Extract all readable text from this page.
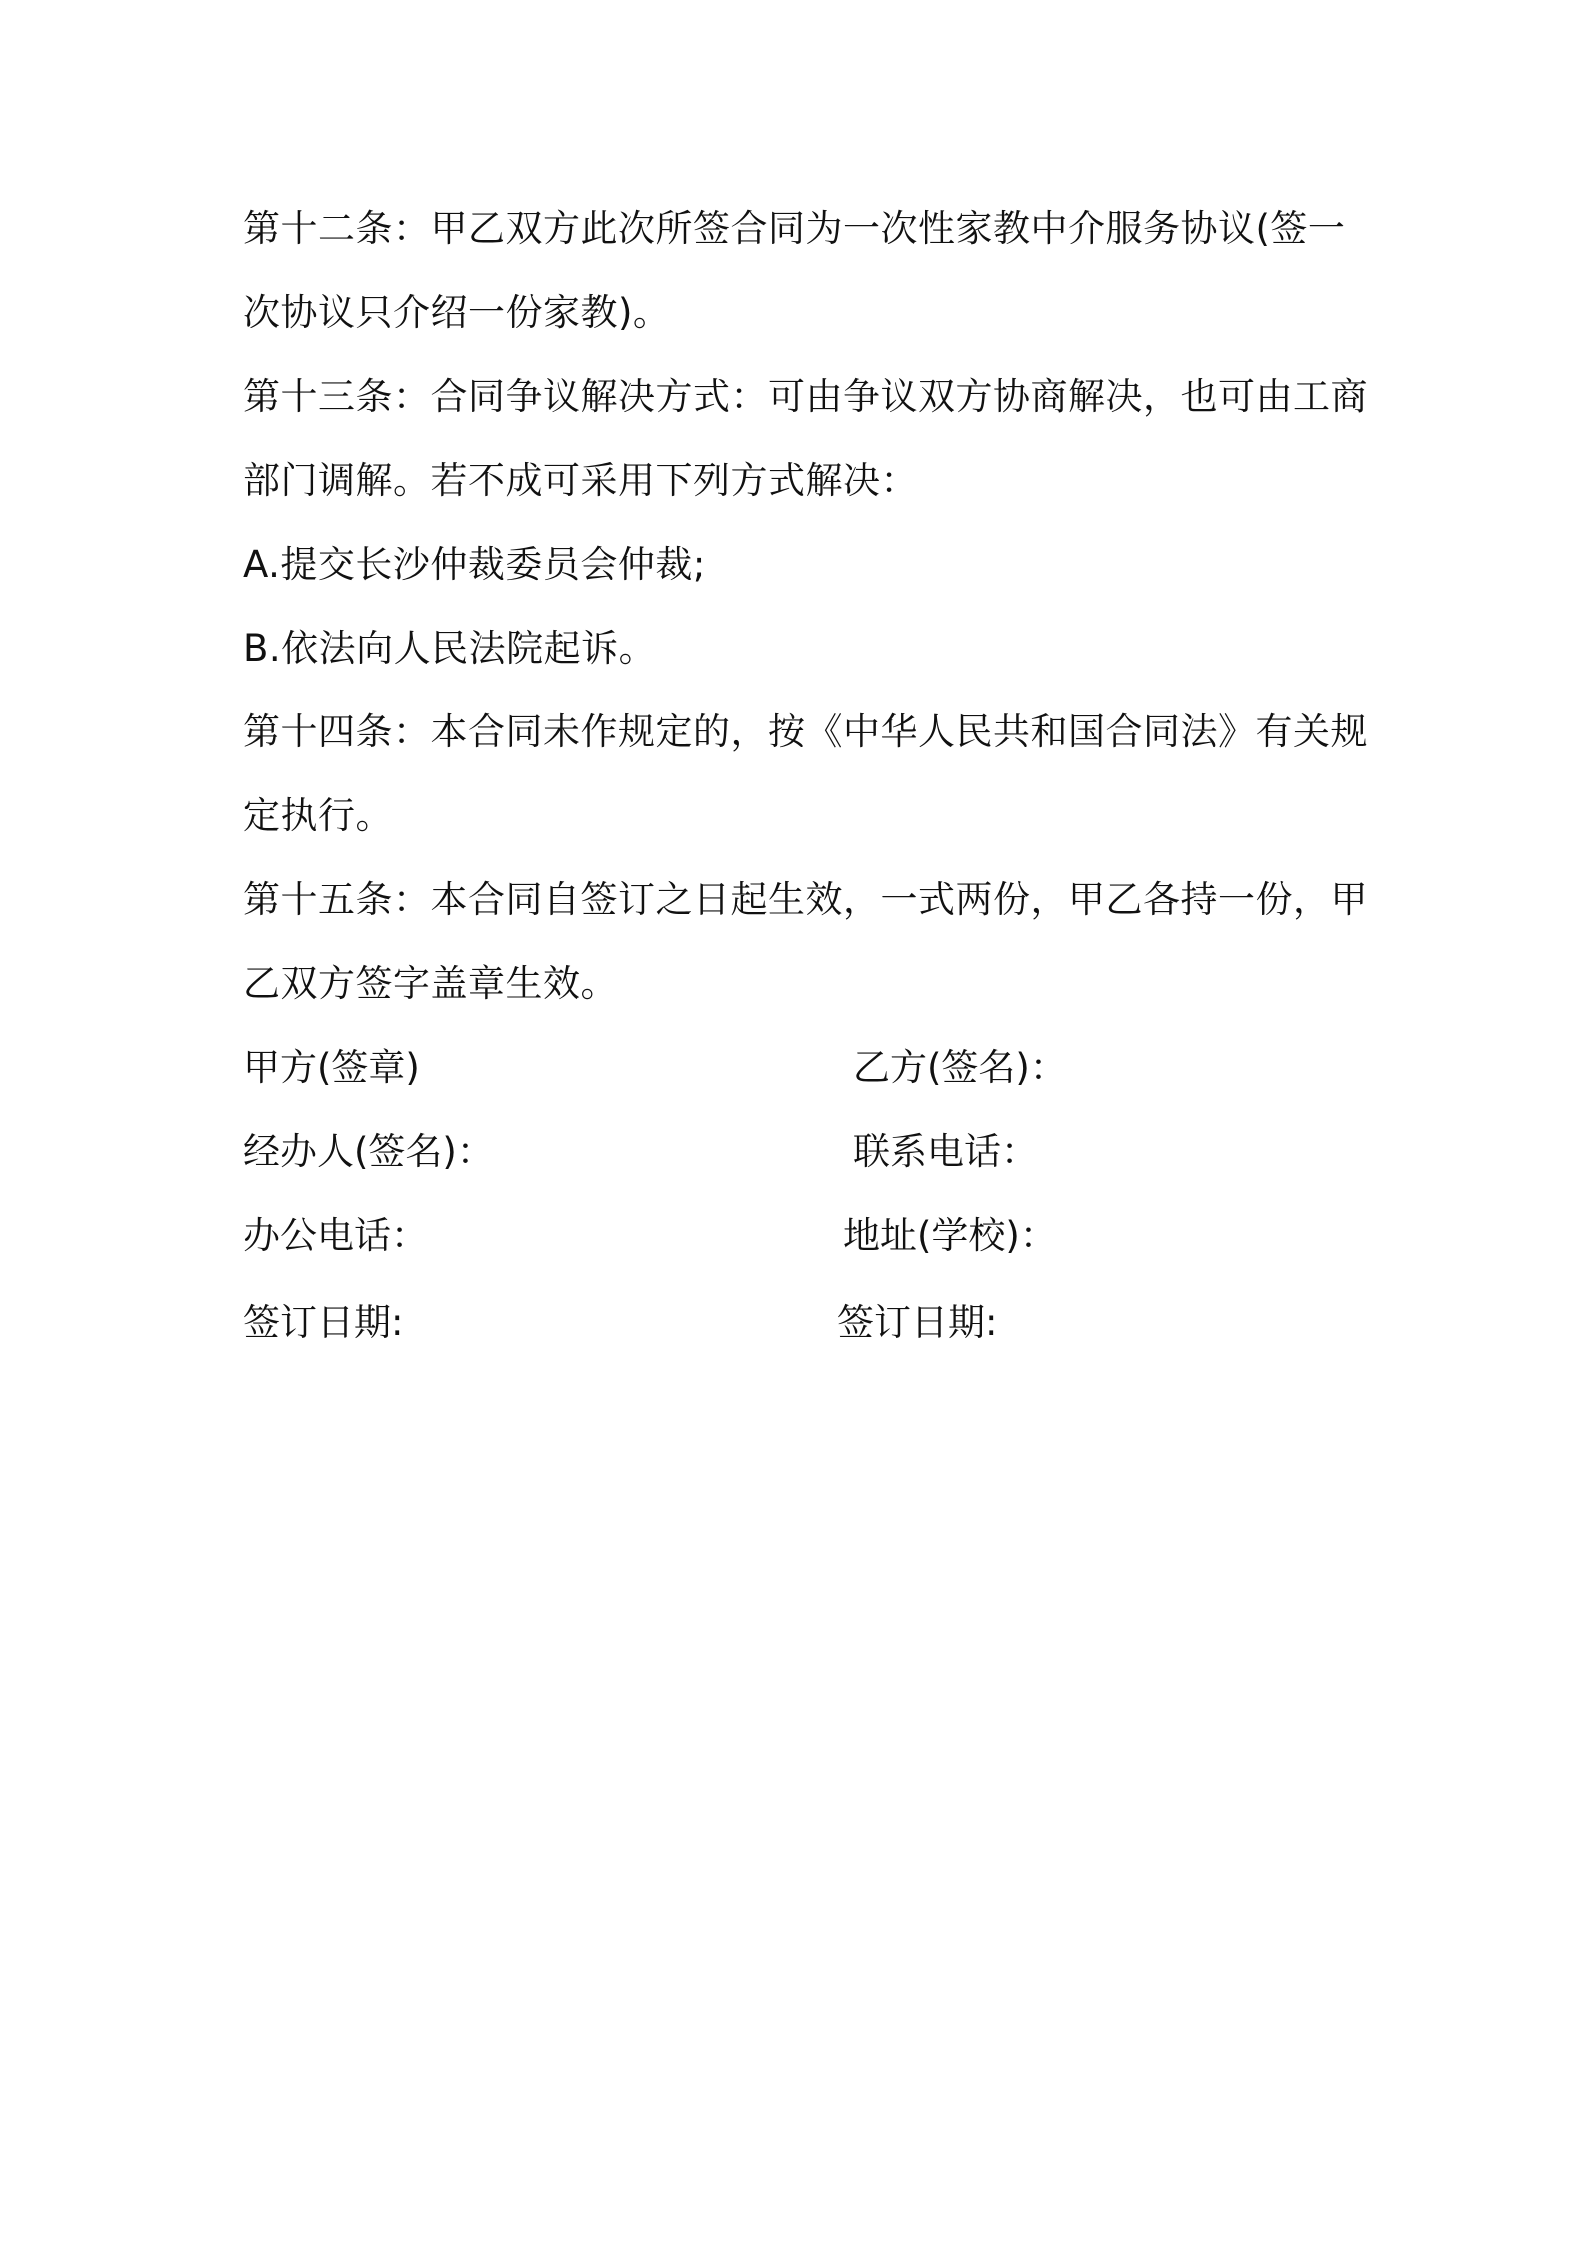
第十二条：甲乙双方此次所签合同为一次性家教中介服务协议(签一
次协议只介绍一份家教)。
第十三条：合同争议解决方式：可由争议双方协商解决，也可由工商
部门调解。若不成可采用下列方式解决：
A.提交长沙仲裁委员会仲裁;
B.依法向人民法院起诉。
第十四条：本合同未作规定的，按《中华人民共和国合同法》有关规
定执行。
第十五条：本合同自签订之日起生效，一式两份，甲乙各持一份，甲
乙双方签字盖章生效。
甲方(签章)	乙方(签名)：
经办人(签名)：	联系电话：
办公电话：	地址(学校)：
签订日期:	签订日期:
